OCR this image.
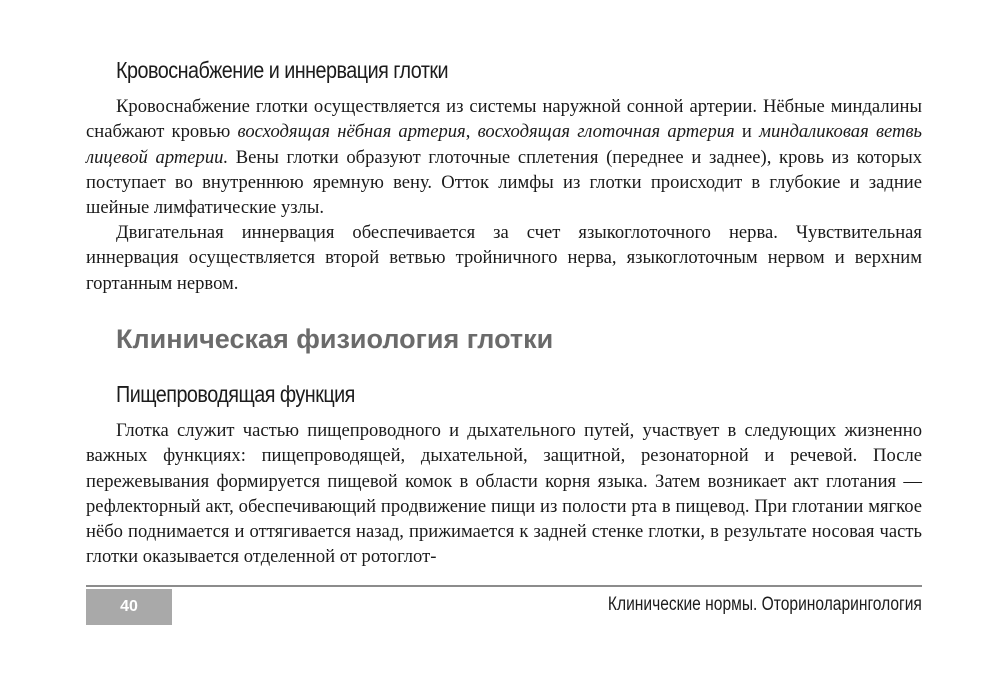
Кровоснабжение и иннервация глотки

Кровоснабжение глотки осуществляется из системы наружной сонной артерии. Нёбные миндалины снабжают кровью восходящая нёбная артерия, восходящая глоточная артерия и миндаликовая ветвь лицевой артерии. Вены глотки образуют глоточные сплетения (переднее и заднее), кровь из которых поступает во внутреннюю яремную вену. Отток лимфы из глотки происходит в глубокие и задние шейные лимфатические узлы.

Двигательная иннервация обеспечивается за счет языкоглоточного нерва. Чувствительная иннервация осуществляется второй ветвью тройничного нерва, языкоглоточным нервом и верхним гортанным нервом.

Клиническая физиология глотки
Пищепроводящая функция

Глотка служит частью пищепроводного и дыхательного путей, участвует в следующих жизненно важных функциях: пищепроводящей, дыхательной, защитной, резонаторной и речевой. После пережевывания формируется пищевой комок в области корня языка. Затем возникает акт глотания — рефлекторный акт, обеспечивающий продвижение пищи из полости рта в пищевод. При глотании мягкое нёбо поднимается и оттягивается назад, прижимается к задней стенке глотки, в результате носовая часть глотки оказывается отделенной от ротоглот-

40	Клинические нормы. Оториноларингология
